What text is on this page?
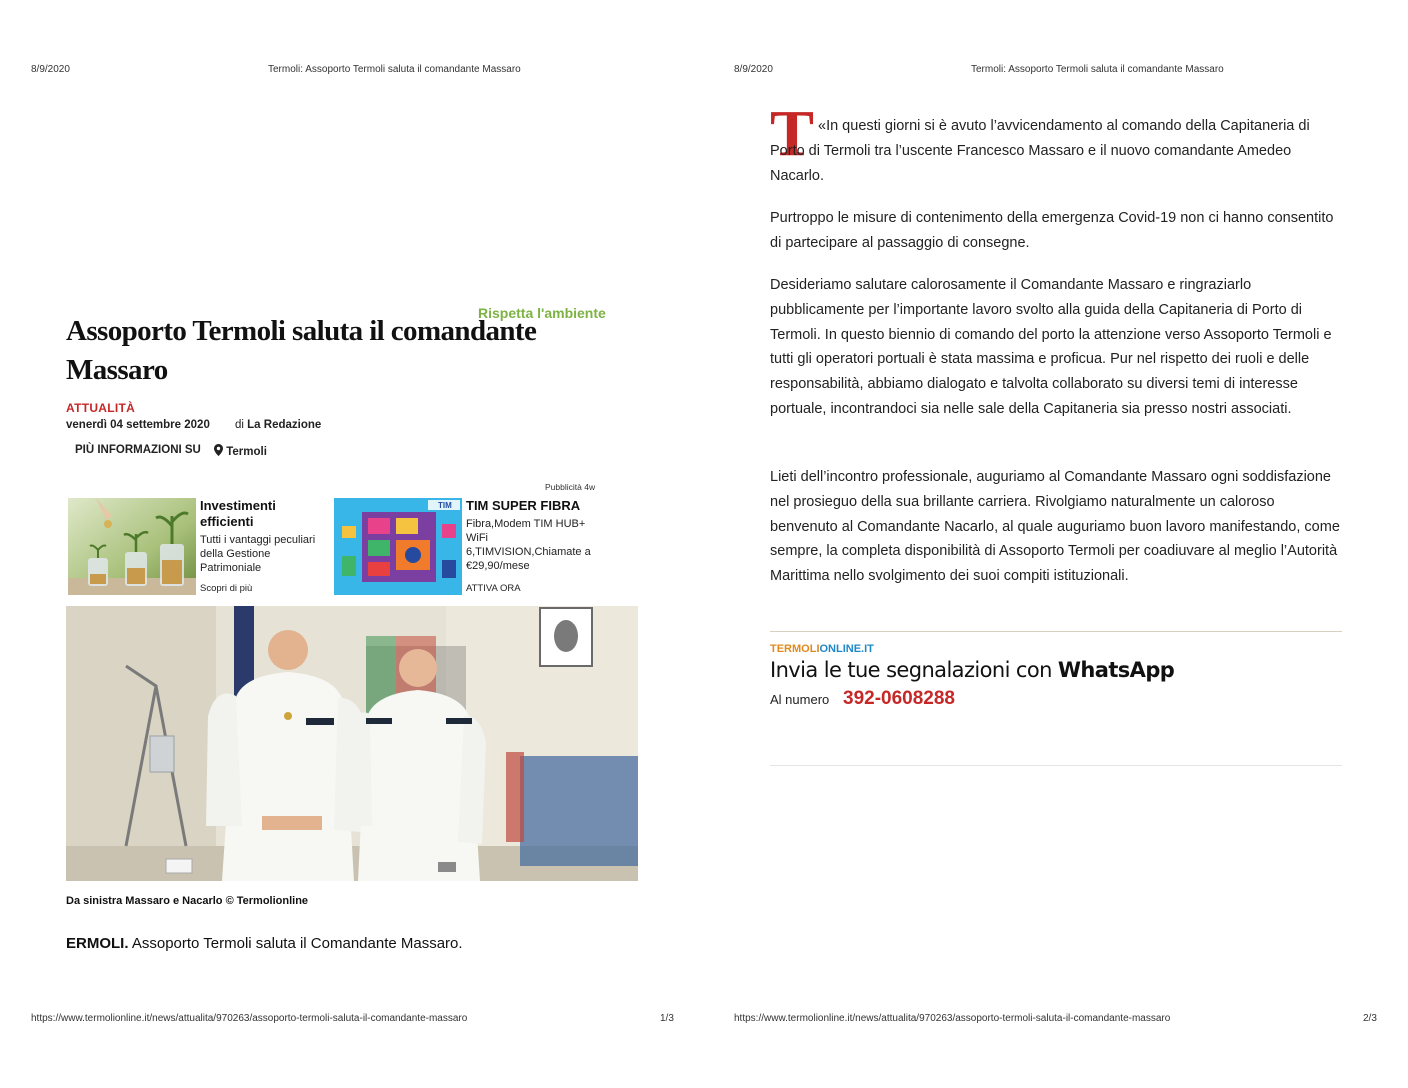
8/9/2020	Termoli: Assoporto Termoli saluta il comandante Massaro
Rispetta l'ambiente
Assoporto Termoli saluta il comandante Massaro
ATTUALITÀ
venerdì 04 settembre 2020 di La Redazione
PIÙ INFORMAZIONI SU	Termoli
Pubblicità 4w
Investimenti efficienti
Tutti i vantaggi peculiari della Gestione Patrimoniale
Scopri di più
TIM TIM SUPER FIBRA
Fibra,Modem TIM HUB+ WiFi 6,TIMVISION,Chiamate a €29,90/mese
ATTIVA ORA
Da sinistra Massaro e Nacarlo © Termolionline
ERMOLI. Assoporto Termoli saluta il Comandante Massaro.
https://www.termolionline.it/news/attualita/970263/assoporto-termoli-saluta-il-comandante-massaro	1/3
8/9/2020	Termoli: Assoporto Termoli saluta il comandante Massaro
T «In questi giorni si è avuto l’avvicendamento al comando della Capitaneria di Porto di Termoli tra l’uscente Francesco Massaro e il nuovo comandante Amedeo Nacarlo.

Purtroppo le misure di contenimento della emergenza Covid-19 non ci hanno consentito di partecipare al passaggio di consegne.

Desideriamo salutare calorosamente il Comandante Massaro e ringraziarlo pubblicamente per l’importante lavoro svolto alla guida della Capitaneria di Porto di Termoli. In questo biennio di comando del porto la attenzione verso Assoporto Termoli e tutti gli operatori portuali è stata massima e proficua. Pur nel rispetto dei ruoli e delle responsabilità, abbiamo dialogato e talvolta collaborato su diversi temi di interesse portuale, incontrandoci sia nelle sale della Capitaneria sia presso nostri associati.

Lieti dell’incontro professionale, auguriamo al Comandante Massaro ogni soddisfazione nel prosieguo della sua brillante carriera. Rivolgiamo naturalmente un caloroso benvenuto al Comandante Nacarlo, al quale auguriamo buon lavoro manifestando, come sempre, la completa disponibilità di Assoporto Termoli per coadiuvare al meglio l’Autorità Marittima nello svolgimento dei suoi compiti istituzionali.

TERMOLIONLINE.IT
Invia le tue segnalazioni con WhatsApp
Al numero 392-0608288
https://www.termolionline.it/news/attualita/970263/assoporto-termoli-saluta-il-comandante-massaro	2/3
